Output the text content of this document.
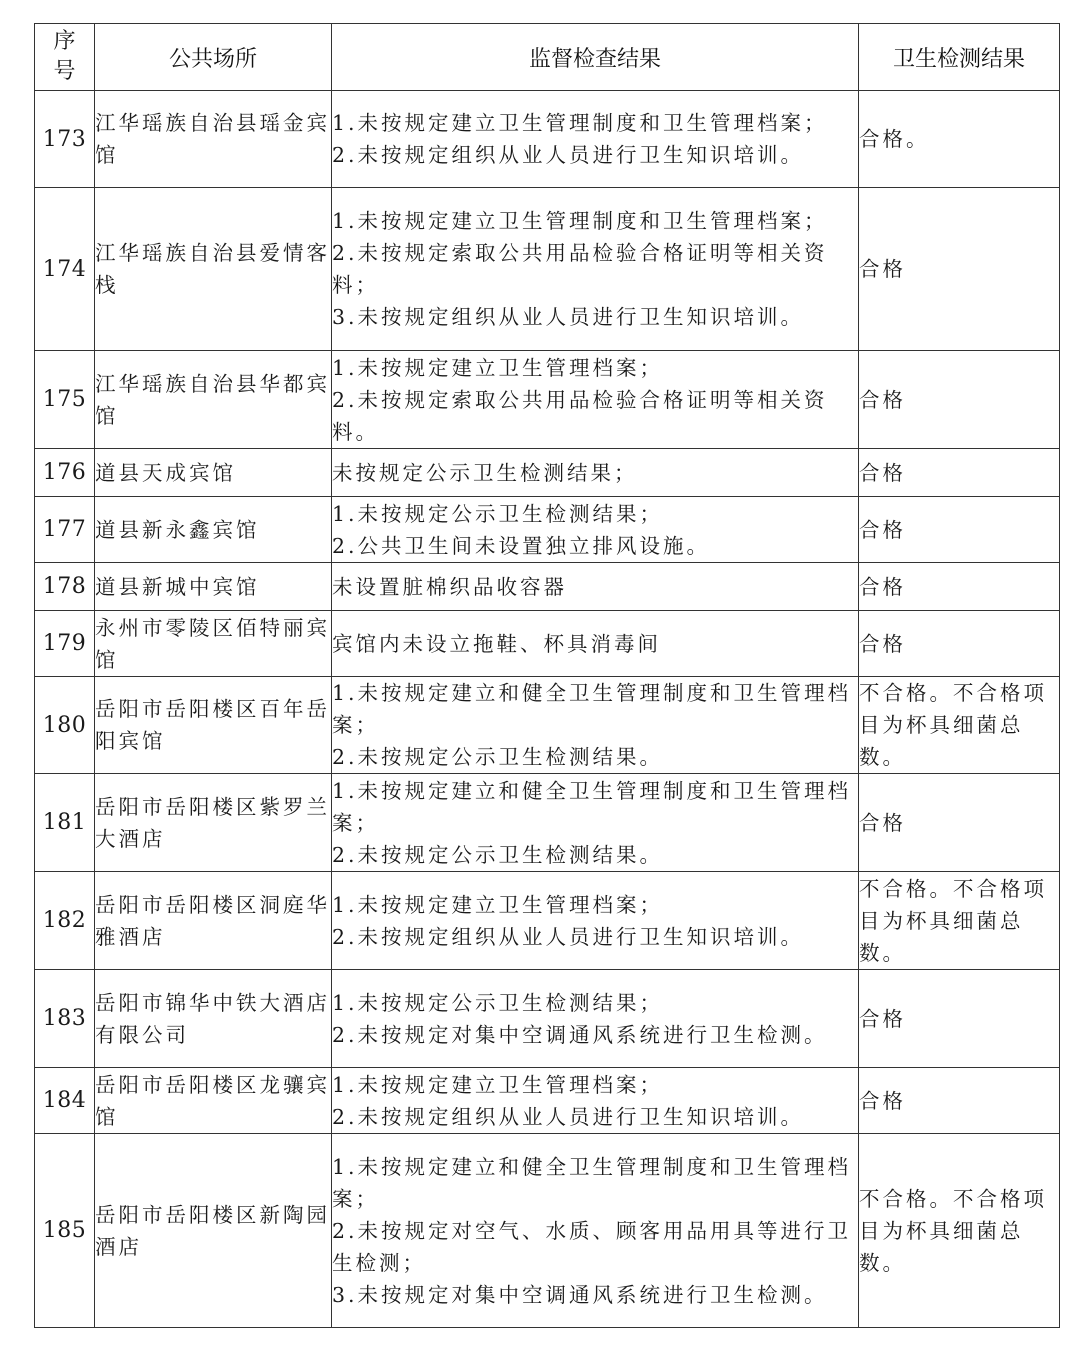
序号	公共场所	监督检查结果	卫生检测结果
173	江华瑶族自治县瑶金宾馆	1.未按规定建立卫生管理制度和卫生管理档案；
2.未按规定组织从业人员进行卫生知识培训。	合格。
174	江华瑶族自治县爱情客栈	1.未按规定建立卫生管理制度和卫生管理档案；
2.未按规定索取公共用品检验合格证明等相关资料；
3.未按规定组织从业人员进行卫生知识培训。	合格
175	江华瑶族自治县华都宾馆	1.未按规定建立卫生管理档案；
2.未按规定索取公共用品检验合格证明等相关资料。	合格
176	道县天成宾馆	未按规定公示卫生检测结果；	合格
177	道县新永鑫宾馆	1.未按规定公示卫生检测结果；
2.公共卫生间未设置独立排风设施。	合格
178	道县新城中宾馆	未设置脏棉织品收容器	合格
179	永州市零陵区佰特丽宾馆	宾馆内未设立拖鞋、杯具消毒间	合格
180	岳阳市岳阳楼区百年岳阳宾馆	1.未按规定建立和健全卫生管理制度和卫生管理档案；
2.未按规定公示卫生检测结果。	不合格。不合格项目为杯具细菌总数。
181	岳阳市岳阳楼区紫罗兰大酒店	1.未按规定建立和健全卫生管理制度和卫生管理档案；
2.未按规定公示卫生检测结果。	合格
182	岳阳市岳阳楼区洞庭华雅酒店	1.未按规定建立卫生管理档案；
2.未按规定组织从业人员进行卫生知识培训。	不合格。不合格项目为杯具细菌总数。
183	岳阳市锦华中铁大酒店有限公司	1.未按规定公示卫生检测结果；
2.未按规定对集中空调通风系统进行卫生检测。	合格
184	岳阳市岳阳楼区龙骧宾馆	1.未按规定建立卫生管理档案；
2.未按规定组织从业人员进行卫生知识培训。	合格
185	岳阳市岳阳楼区新陶园酒店	1.未按规定建立和健全卫生管理制度和卫生管理档案；
2.未按规定对空气、水质、顾客用品用具等进行卫生检测；
3.未按规定对集中空调通风系统进行卫生检测。	不合格。不合格项目为杯具细菌总数。
